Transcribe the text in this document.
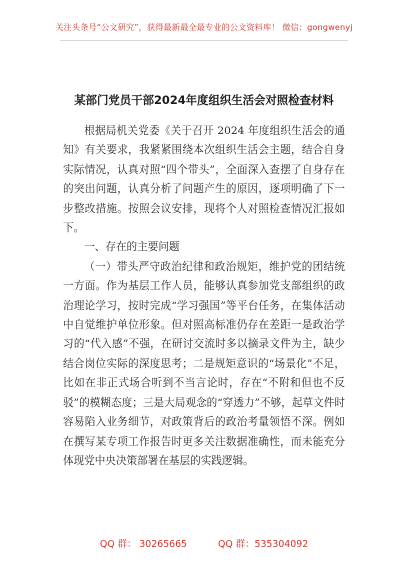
关注头条号“公文研究”，获得最新最全最专业的公文资料库！ 微信：gongwenyj
某部门党员干部2024年度组织生活会对照检查材料

根据局机关党委《关于召开 2024 年度组织生活会的通知》有关要求，我紧紧围绕本次组织生活会主题，结合自身实际情况，认真对照“四个带头”，全面深入查摆了自身存在的突出问题，认真分析了问题产生的原因，逐项明确了下一步整改措施。按照会议安排，现将个人对照检查情况汇报如下。

一、存在的主要问题

（一）带头严守政治纪律和政治规矩，维护党的团结统一方面。作为基层工作人员，能够认真参加党支部组织的政治理论学习，按时完成“学习强国”等平台任务，在集体活动中自觉维护单位形象。但对照高标准仍存在差距一是政治学习的“代入感”不强，在研讨交流时多以摘录文件为主，缺少结合岗位实际的深度思考；二是规矩意识的“场景化”不足，比如在非正式场合听到不当言论时，存在“不附和但也不反驳”的模糊态度；三是大局观念的“穿透力”不够，起草文件时容易陷入业务细节，对政策背后的政治考量领悟不深。例如在撰写某专项工作报告时更多关注数据准确性，而未能充分体现党中央决策部署在基层的实践逻辑。

QQ 群： 30265665	QQ 群：535304092
